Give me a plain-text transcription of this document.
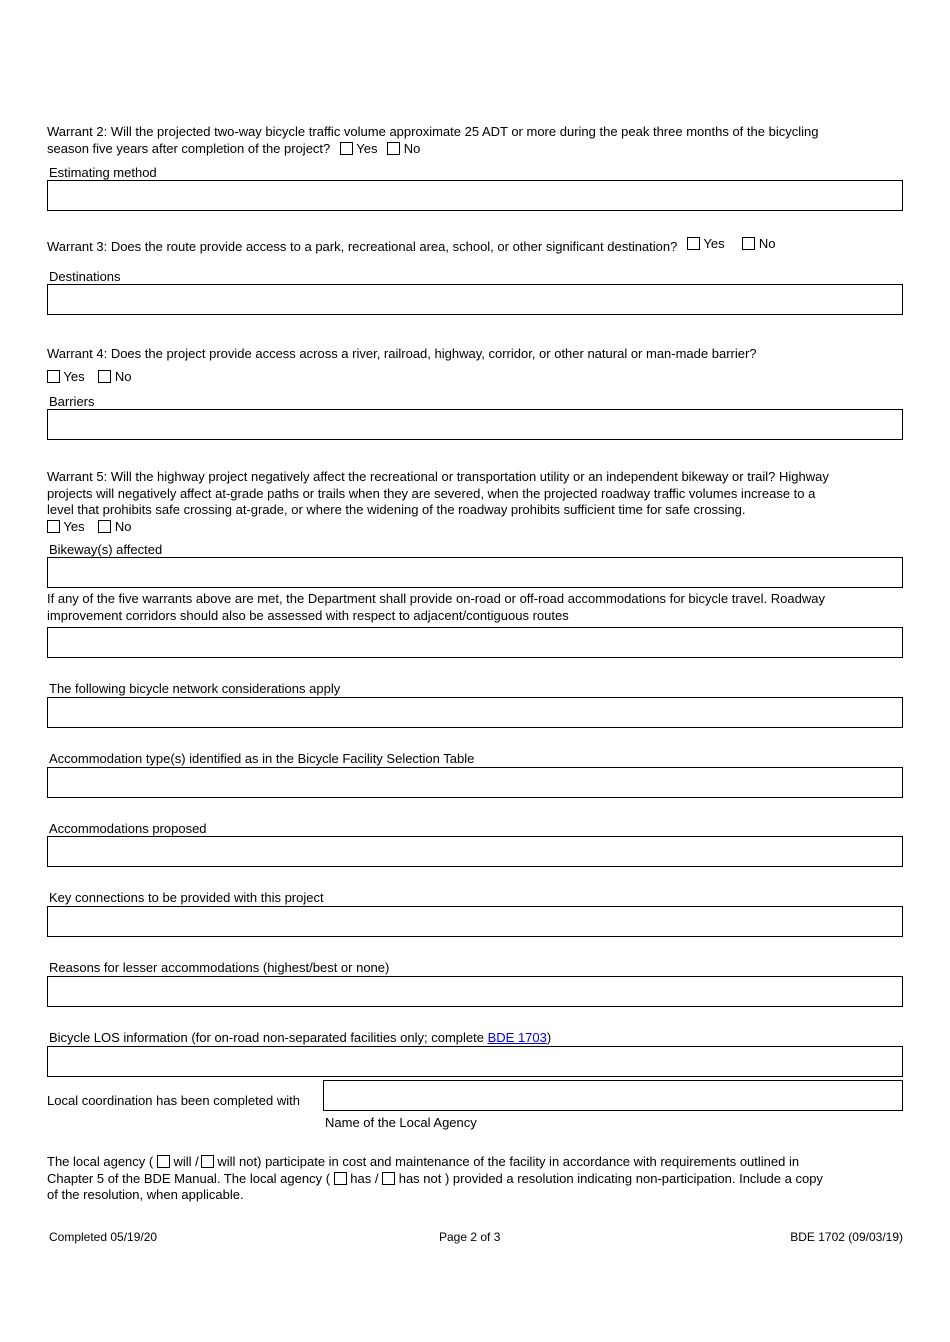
Warrant 2: Will the projected two-way bicycle traffic volume approximate 25 ADT or more during the peak three months of the bicycling
season five years after completion of the project? Yes No
Estimating method
Warrant 3: Does the route provide access to a park, recreational area, school, or other significant destination? Yes	No
Destinations
Warrant 4: Does the project provide access across a river, railroad, highway, corridor, or other natural or man-made barrier?
Yes No
Barriers
Warrant 5: Will the highway project negatively affect the recreational or transportation utility or an independent bikeway or trail? Highway
projects will negatively affect at-grade paths or trails when they are severed, when the projected roadway traffic volumes increase to a
level that prohibits safe crossing at-grade, or where the widening of the roadway prohibits sufficient time for safe crossing.
Yes No
Bikeway(s) affected
If any of the five warrants above are met, the Department shall provide on-road or off-road accommodations for bicycle travel. Roadway
improvement corridors should also be assessed with respect to adjacent/contiguous routes
The following bicycle network considerations apply
Accommodation type(s) identified as in the Bicycle Facility Selection Table
Accommodations proposed
Key connections to be provided with this project
Reasons for lesser accommodations (highest/best or none)
Bicycle LOS information (for on-road non-separated facilities only; complete BDE 1703)
Local coordination has been completed with
Name of the Local Agency
The local agency ( will / will not) participate in cost and maintenance of the facility in accordance with requirements outlined in
Chapter 5 of the BDE Manual. The local agency ( has / has not ) provided a resolution indicating non-participation. Include a copy
of the resolution, when applicable.
Completed 05/19/20	Page 2 of 3	BDE 1702 (09/03/19)
